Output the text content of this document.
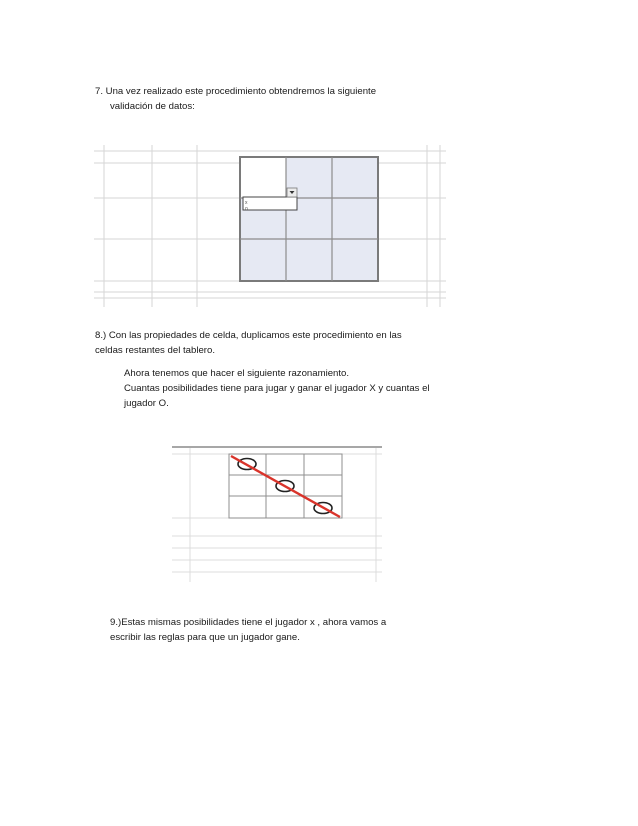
7. Una vez realizado este procedimiento obtendremos la siguiente
validación de datos:
x
o
8.) Con las propiedades de celda, duplicamos este procedimiento en las
celdas restantes del tablero.
Ahora tenemos que hacer el siguiente razonamiento.
Cuantas posibilidades tiene para jugar y ganar el jugador X y cuantas el
jugador O.
9.)Estas mismas posibilidades tiene el jugador x , ahora vamos a
escribir las reglas para que un jugador gane.
